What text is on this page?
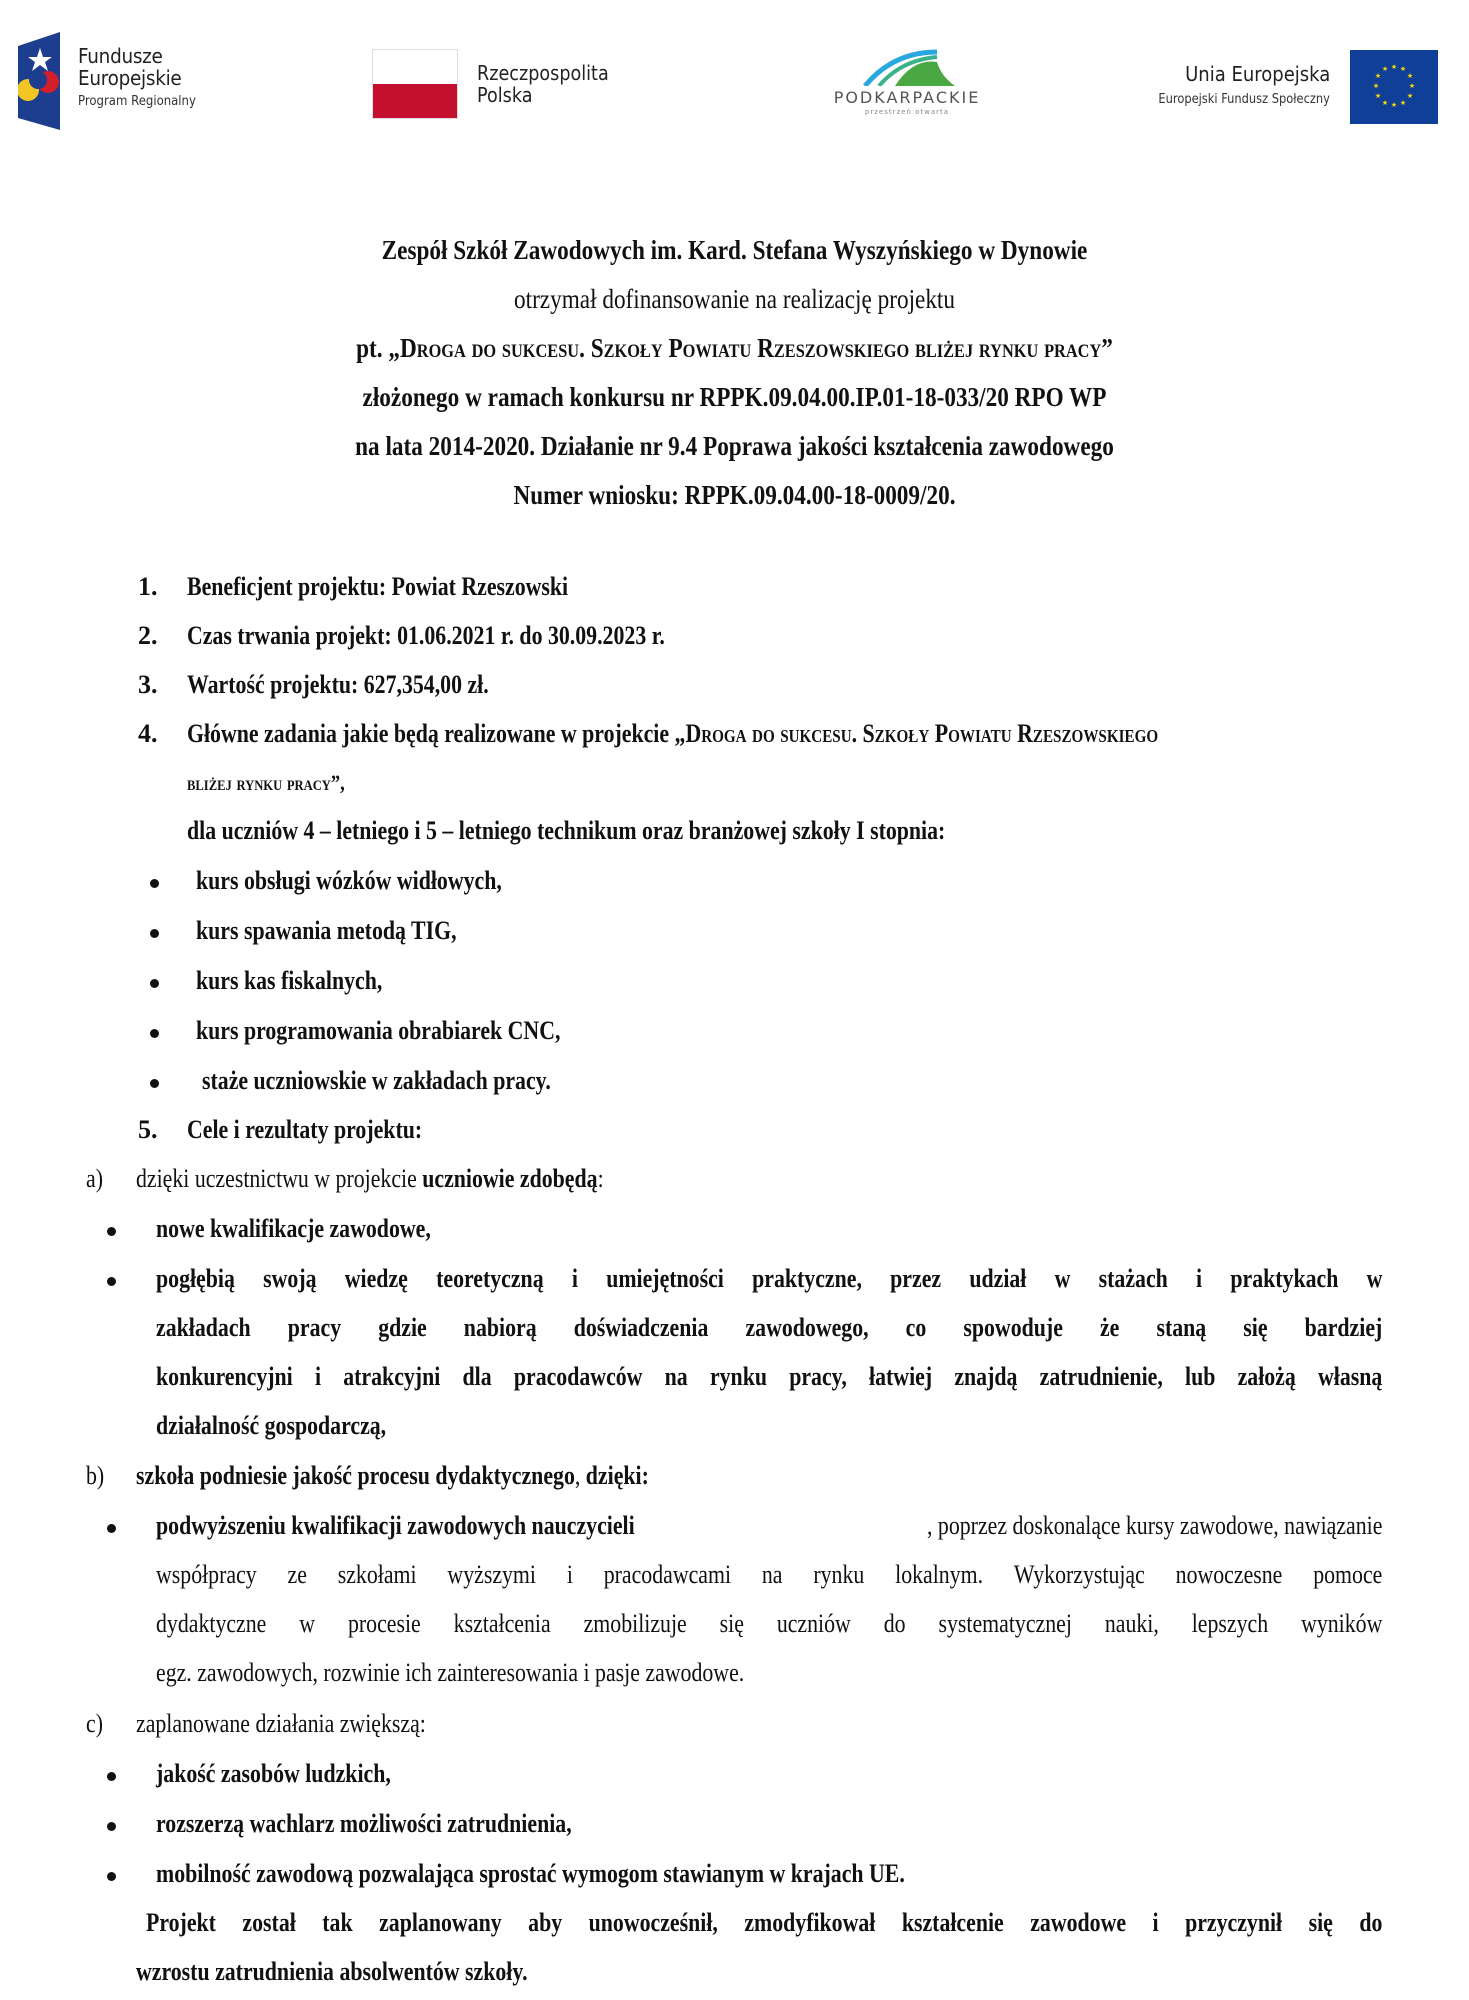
Fundusze
Europejskie
Program Regionalny
Rzeczpospolita
Polska	PODKARPACKIE
przestrzeń otwarta
Unia Europejska
Europejski Fundusz Społeczny
★ ★
★
★
★
★
★
★
★
★
★
★
Zespół Szkół Zawodowych im. Kard. Stefana Wyszyńskiego w Dynowie
otrzymał dofinansowanie na realizację projektu
pt. „Droga do sukcesu. Szkoły Powiatu Rzeszowskiego bliżej rynku pracy”
złożonego w ramach konkursu nr RPPK.09.04.00.IP.01-18-033/20 RPO WP
na lata 2014-2020. Działanie nr 9.4 Poprawa jakości kształcenia zawodowego
Numer wniosku: RPPK.09.04.00-18-0009/20.
1. Beneficjent projektu: Powiat Rzeszowski
2. Czas trwania projekt: 01.06.2021 r. do 30.09.2023 r.
3. Wartość projektu: 627,354,00 zł.
4. Główne zadania jakie będą realizowane w projekcie „Droga do sukcesu. Szkoły Powiatu Rzeszowskiego
bliżej rynku pracy”,
dla uczniów 4 – letniego i 5 – letniego technikum oraz branżowej szkoły I stopnia:
kurs obsługi wózków widłowych,
kurs spawania metodą TIG,
kurs kas fiskalnych,
kurs programowania obrabiarek CNC,
staże uczniowskie w zakładach pracy.
5. Cele i rezultaty projektu:
a) dzięki uczestnictwu w projekcie uczniowie zdobędą:
nowe kwalifikacje zawodowe,
pogłębią swoją wiedzę teoretyczną i umiejętności praktyczne, przez udział w stażach i praktykach w
zakładach pracy gdzie nabiorą doświadczenia zawodowego, co spowoduje że staną się bardziej
konkurencyjni i atrakcyjni dla pracodawców na rynku pracy, łatwiej znajdą zatrudnienie, lub założą własną
działalność gospodarczą,
b) szkoła podniesie jakość procesu dydaktycznego, dzięki:
podwyższeniu kwalifikacji zawodowych nauczycieli	, poprzez doskonalące kursy zawodowe, nawiązanie
współpracy ze szkołami wyższymi i pracodawcami na rynku lokalnym. Wykorzystując nowoczesne pomoce
dydaktyczne w procesie kształcenia zmobilizuje się uczniów do systematycznej nauki, lepszych wyników
egz. zawodowych, rozwinie ich zainteresowania i pasje zawodowe.
c) zaplanowane działania zwiększą:
jakość zasobów ludzkich,
rozszerzą wachlarz możliwości zatrudnienia,
mobilność zawodową pozwalająca sprostać wymogom stawianym w krajach UE.
Projekt został tak zaplanowany aby unowocześnił, zmodyfikował kształcenie zawodowe i przyczynił się do
wzrostu zatrudnienia absolwentów szkoły.
